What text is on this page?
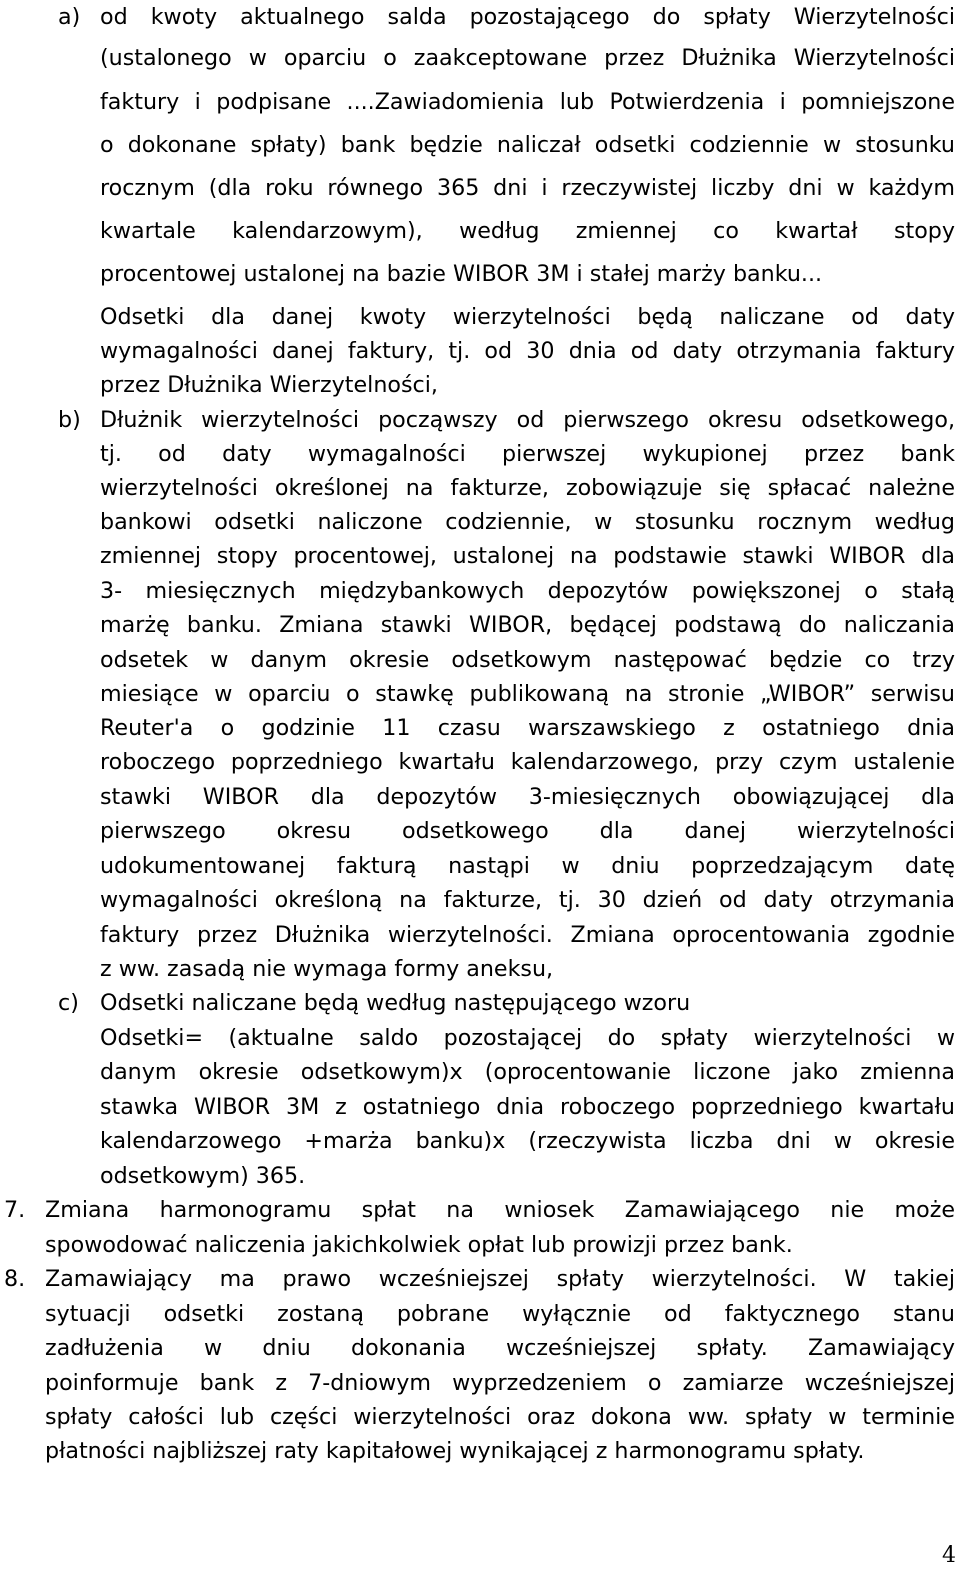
a) od kwoty aktualnego salda pozostającego do spłaty Wierzytelności
(ustalonego w oparciu o zaakceptowane przez Dłużnika Wierzytelności
faktury i podpisane ....Zawiadomienia lub Potwierdzenia i pomniejszone
o dokonane spłaty) bank będzie naliczał odsetki codziennie w stosunku
rocznym (dla roku równego 365 dni i rzeczywistej liczby dni w każdym
kwartale kalendarzowym), według zmiennej co kwartał stopy
procentowej ustalonej na bazie WIBOR 3M i stałej marży banku...
Odsetki dla danej kwoty wierzytelności będą naliczane od daty
wymagalności danej faktury, tj. od 30 dnia od daty otrzymania faktury
przez Dłużnika Wierzytelności,
b) Dłużnik wierzytelności począwszy od pierwszego okresu odsetkowego,
tj. od daty wymagalności pierwszej wykupionej przez bank
wierzytelności określonej na fakturze, zobowiązuje się spłacać należne
bankowi odsetki naliczone codziennie, w stosunku rocznym według
zmiennej stopy procentowej, ustalonej na podstawie stawki WIBOR dla
3- miesięcznych międzybankowych depozytów powiększonej o stałą
marżę banku. Zmiana stawki WIBOR, będącej podstawą do naliczania
odsetek w danym okresie odsetkowym następować będzie co trzy
miesiące w oparciu o stawkę publikowaną na stronie „WIBOR” serwisu
Reuter'a o godzinie 11 czasu warszawskiego z ostatniego dnia
roboczego poprzedniego kwartału kalendarzowego, przy czym ustalenie
stawki WIBOR dla depozytów 3-miesięcznych obowiązującej dla
pierwszego okresu odsetkowego dla danej wierzytelności
udokumentowanej fakturą nastąpi w dniu poprzedzającym datę
wymagalności określoną na fakturze, tj. 30 dzień od daty otrzymania
faktury przez Dłużnika wierzytelności. Zmiana oprocentowania zgodnie
z ww. zasadą nie wymaga formy aneksu,
c) Odsetki naliczane będą według następującego wzoru
Odsetki= (aktualne saldo pozostającej do spłaty wierzytelności w
danym okresie odsetkowym)x (oprocentowanie liczone jako zmienna
stawka WIBOR 3M z ostatniego dnia roboczego poprzedniego kwartału
kalendarzowego +marża banku)x (rzeczywista liczba dni w okresie
odsetkowym) 365.
7. Zmiana harmonogramu spłat na wniosek Zamawiającego nie może
spowodować naliczenia jakichkolwiek opłat lub prowizji przez bank.
8. Zamawiający ma prawo wcześniejszej spłaty wierzytelności. W takiej
sytuacji odsetki zostaną pobrane wyłącznie od faktycznego stanu
zadłużenia w dniu dokonania wcześniejszej spłaty. Zamawiający
poinformuje bank z 7-dniowym wyprzedzeniem o zamiarze wcześniejszej
spłaty całości lub części wierzytelności oraz dokona ww. spłaty w terminie
płatności najbliższej raty kapitałowej wynikającej z harmonogramu spłaty.
4
